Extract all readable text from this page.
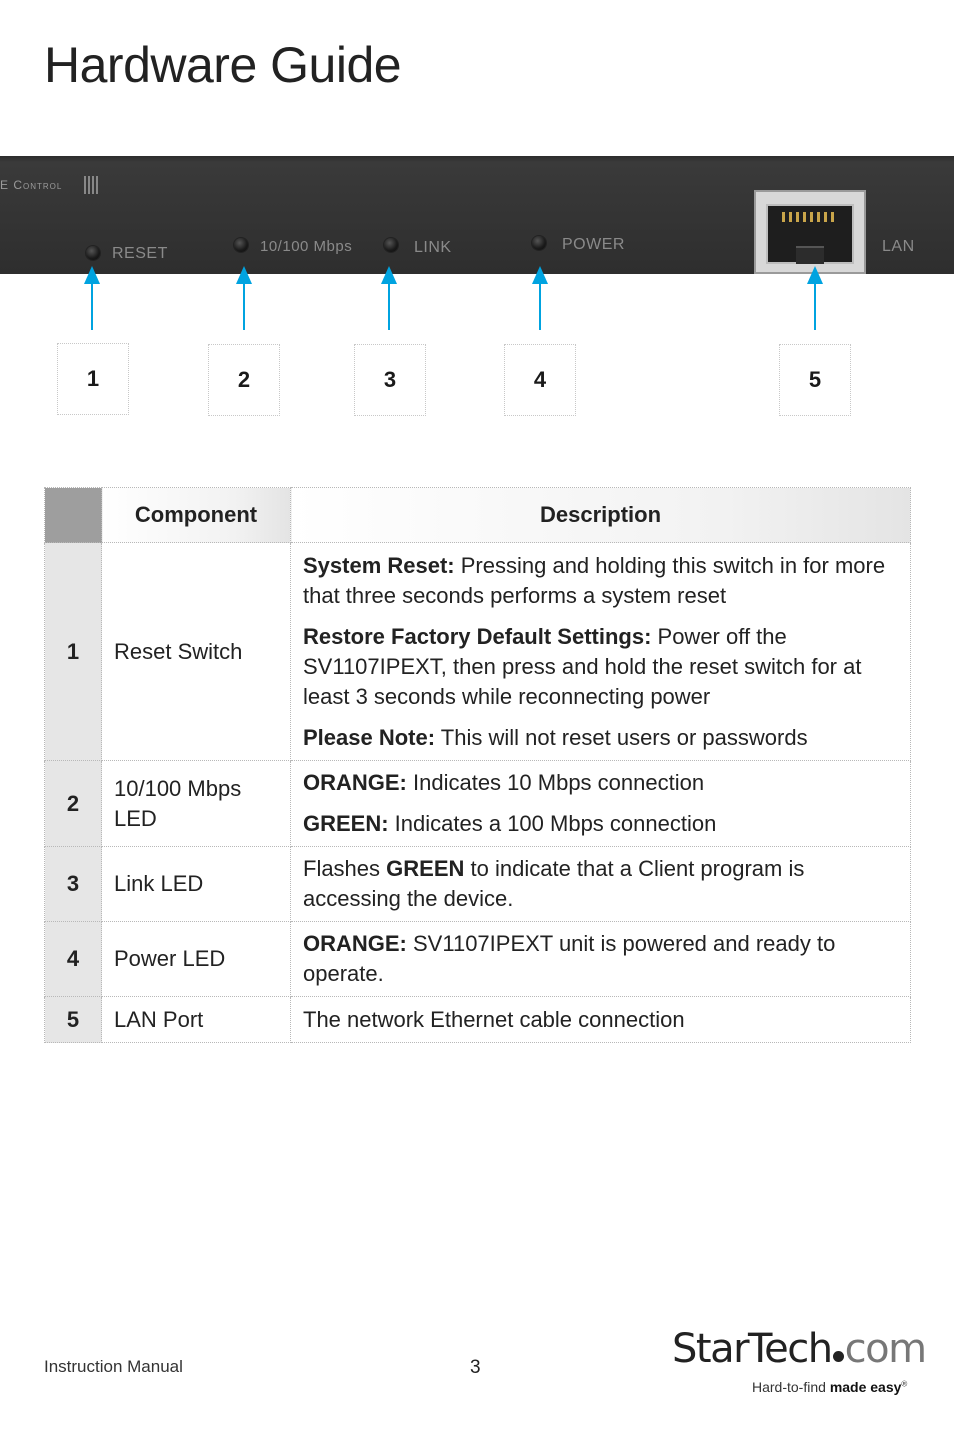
Hardware Guide
E Control
RESET	10/100 Mbps	LINK	POWER	LAN
1	2	3	4	5
	Component	Description
1	Reset Switch	System Reset: Pressing and holding this switch in for more that three seconds performs a system reset

Restore Factory Default Settings: Power off the SV1107IPEXT, then press and hold the reset switch for at least 3 seconds while reconnecting power

Please Note: This will not reset users or passwords

2	10/100 Mbps LED	ORANGE: Indicates 10 Mbps connection

GREEN: Indicates a 100 Mbps connection

3	Link LED	Flashes GREEN to indicate that a Client program is accessing the device.
4	Power LED	ORANGE: SV1107IPEXT unit is powered and ready to operate.
5	LAN Port	The network Ethernet cable connection
Instruction Manual	3	StarTech com
Hard-to-find made easy®
